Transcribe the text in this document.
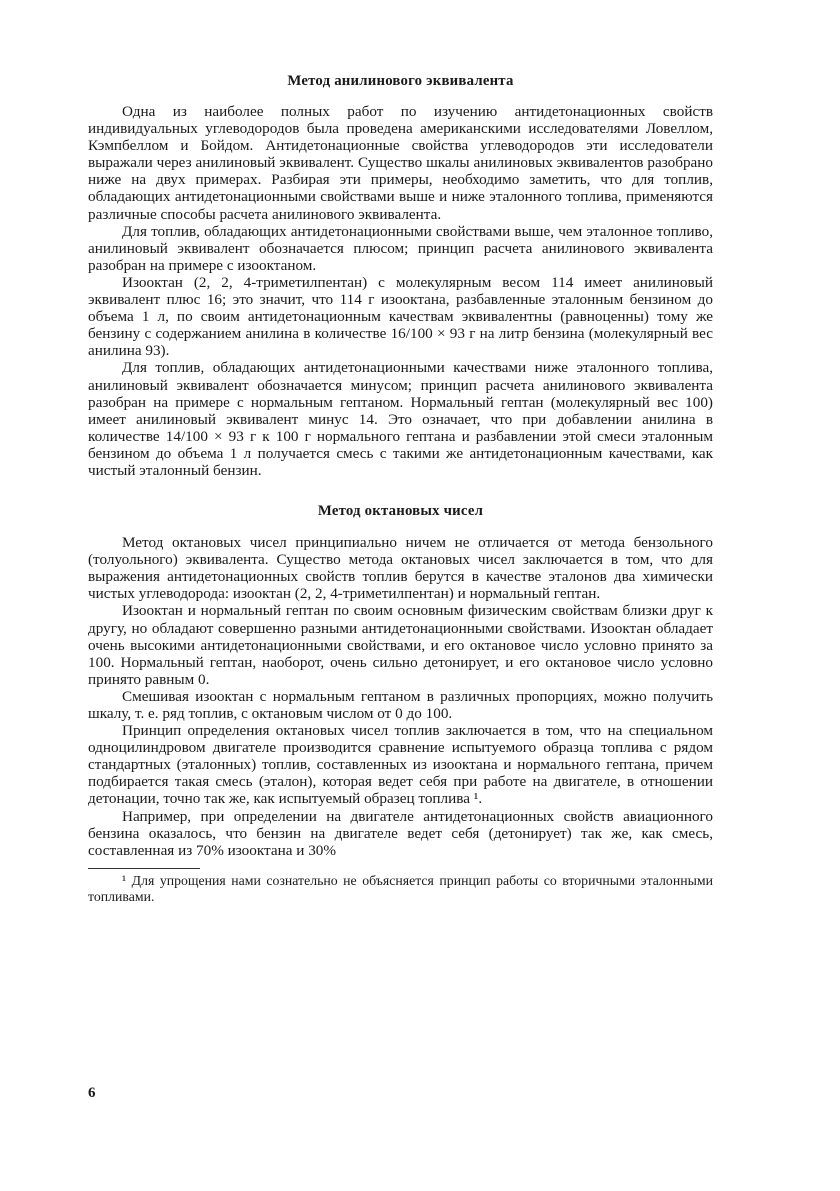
Метод анилинового эквивалента

Одна из наиболее полных работ по изучению антидетонационных свойств индивидуальных углеводородов была проведена американскими исследователями Ловеллом, Кэмпбеллом и Бойдом. Антидетонационные свойства углеводородов эти исследователи выражали через анилиновый эквивалент. Существо шкалы анилиновых эквивалентов разобрано ниже на двух примерах. Разбирая эти примеры, необходимо заметить, что для топлив, обладающих антидетонационными свойствами выше и ниже эталонного топлива, применяются различные способы расчета анилинового эквивалента.

Для топлив, обладающих антидетонационными свойствами выше, чем эталонное топливо, анилиновый эквивалент обозначается плюсом; принцип расчета анилинового эквивалента разобран на примере с изооктаном.

Изооктан (2, 2, 4-триметилпентан) с молекулярным весом 114 имеет анилиновый эквивалент плюс 16; это значит, что 114 г изооктана, разбавленные эталонным бензином до объема 1 л, по своим антидетонационным качествам эквивалентны (равноценны) тому же бензину с содержанием анилина в количестве 16/100 × 93 г на литр бензина (молекулярный вес анилина 93).

Для топлив, обладающих антидетонационными качествами ниже эталонного топлива, анилиновый эквивалент обозначается минусом; принцип расчета анилинового эквивалента разобран на примере с нормальным гептаном. Нормальный гептан (молекулярный вес 100) имеет анилиновый эквивалент минус 14. Это означает, что при добавлении анилина в количестве 14/100 × 93 г к 100 г нормального гептана и разбавлении этой смеси эталонным бензином до объема 1 л получается смесь с такими же антидетонационным качествами, как чистый эталонный бензин.

Метод октановых чисел

Метод октановых чисел принципиально ничем не отличается от метода бензольного (толуольного) эквивалента. Существо метода октановых чисел заключается в том, что для выражения антидетонационных свойств топлив берутся в качестве эталонов два химически чистых углеводорода: изооктан (2, 2, 4-триметилпентан) и нормальный гептан.

Изооктан и нормальный гептан по своим основным физическим свойствам близки друг к другу, но обладают совершенно разными антидетонационными свойствами. Изооктан обладает очень высокими антидетонационными свойствами, и его октановое число условно принято за 100. Нормальный гептан, наоборот, очень сильно детонирует, и его октановое число условно принято равным 0.

Смешивая изооктан с нормальным гептаном в различных пропорциях, можно получить шкалу, т. е. ряд топлив, с октановым числом от 0 до 100.

Принцип определения октановых чисел топлив заключается в том, что на специальном одноцилиндровом двигателе производится сравнение испытуемого образца топлива с рядом стандартных (эталонных) топлив, составленных из изооктана и нормального гептана, причем подбирается такая смесь (эталон), которая ведет себя при работе на двигателе, в отношении детонации, точно так же, как испытуемый образец топлива ¹.

Например, при определении на двигателе антидетонационных свойств авиационного бензина оказалось, что бензин на двигателе ведет себя (детонирует) так же, как смесь, составленная из 70% изооктана и 30%

¹ Для упрощения нами сознательно не объясняется принцип работы со вторичными эталонными топливами.

6
